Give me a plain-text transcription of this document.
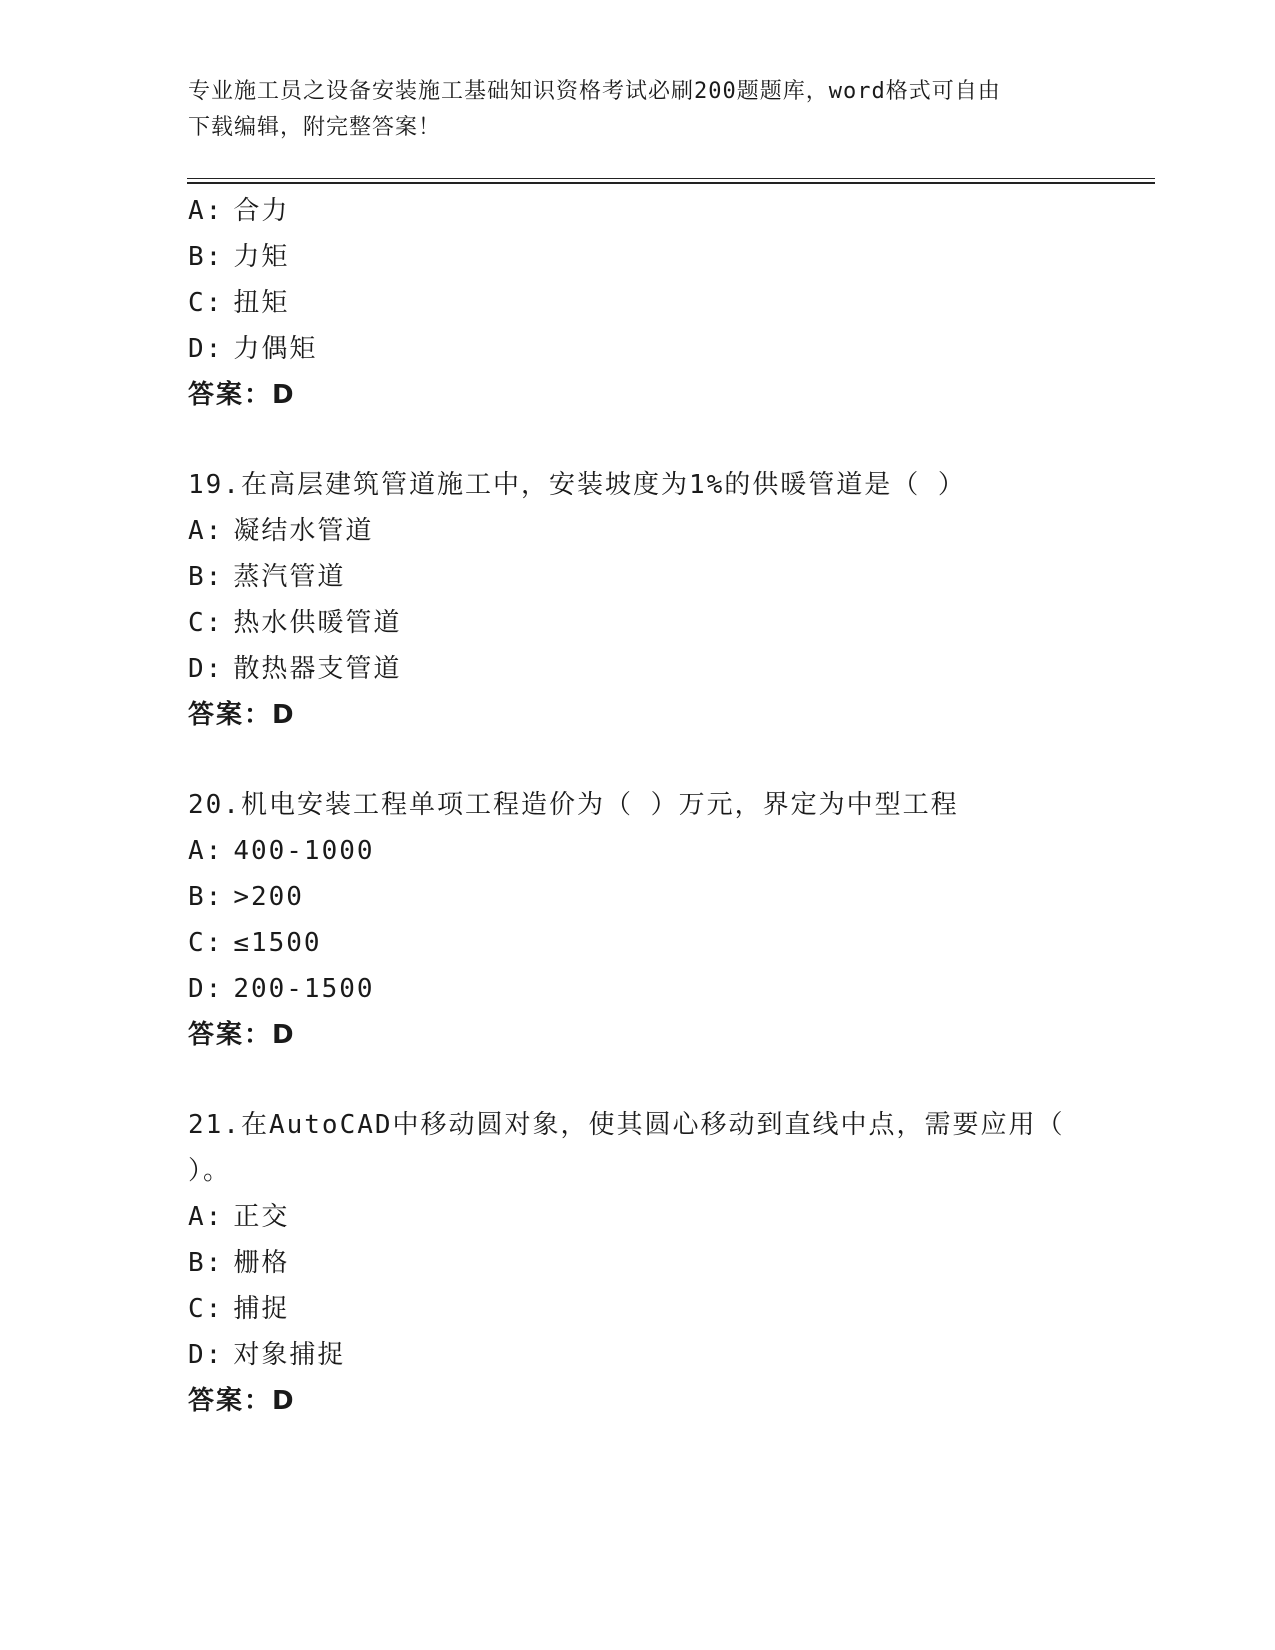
专业施工员之设备安装施工基础知识资格考试必刷200题题库，word格式可自由
下载编辑，附完整答案！
A: 合力
B: 力矩
C: 扭矩
D: 力偶矩
答案：D
19.在高层建筑管道施工中，安装坡度为1%的供暖管道是（ ）
A: 凝结水管道
B: 蒸汽管道
C: 热水供暖管道
D: 散热器支管道
答案：D
20.机电安装工程单项工程造价为（ ）万元，界定为中型工程
A: 400-1000
B: >200
C: ≤1500
D: 200-1500
答案：D
21.在AutoCAD中移动圆对象，使其圆心移动到直线中点，需要应用（
）。
A: 正交
B: 栅格
C: 捕捉
D: 对象捕捉
答案：D
